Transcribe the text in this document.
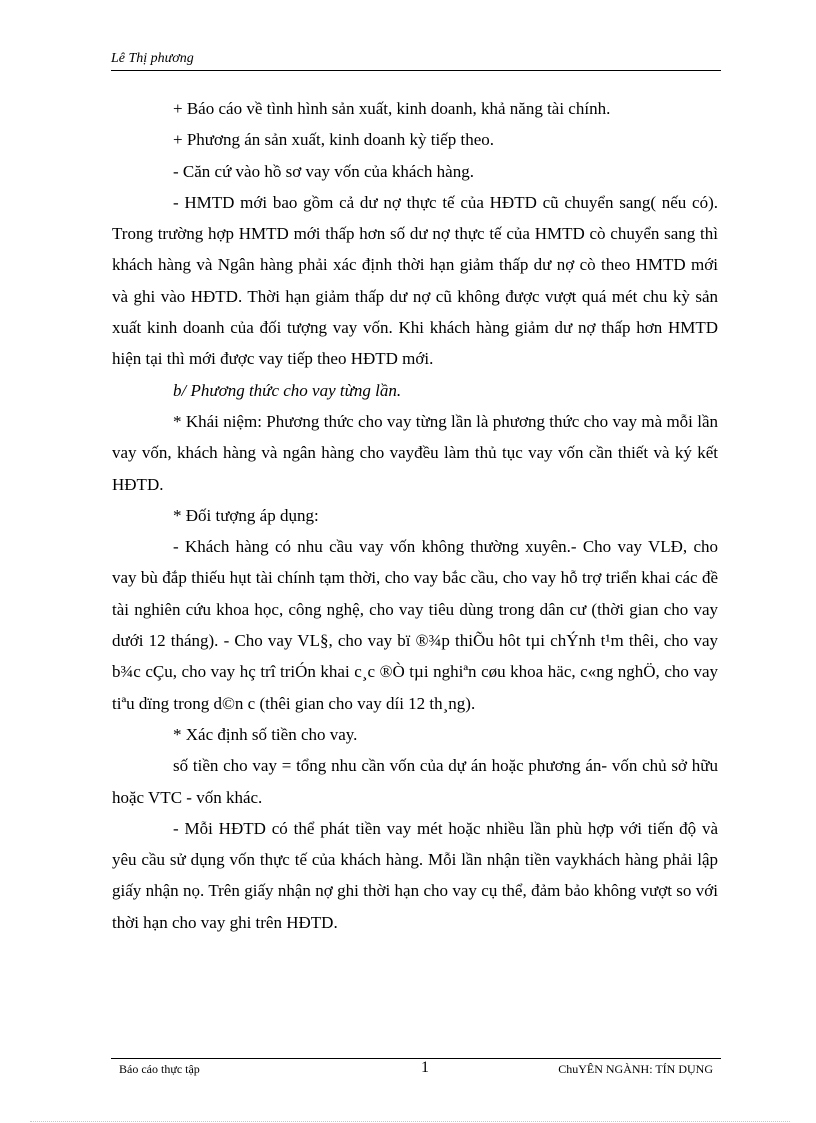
Lê Thị phương

+ Báo cáo về tình hình sản xuất, kinh doanh, khả năng tài chính.

+ Phương án sản xuất, kinh doanh kỳ tiếp theo.

- Căn cứ vào hồ sơ vay vốn của khách hàng.

- HMTD mới bao gồm cả dư nợ thực tế của HĐTD cũ chuyển sang( nếu có). Trong trường hợp HMTD mới thấp hơn số dư nợ thực tế của HMTD cò chuyển sang thì khách hàng và Ngân hàng phải xác định thời hạn giảm thấp dư nợ cò theo HMTD mới và ghi vào HĐTD. Thời hạn giảm thấp dư nợ cũ không được vượt quá mét chu kỳ sản xuất kinh doanh của đối tượng vay vốn. Khi khách hàng giảm dư nợ thấp hơn HMTD hiện tại thì mới được vay tiếp theo HĐTD mới.

b/ Phương thức cho vay từng lần.

* Khái niệm: Phương thức cho vay từng lần là phương thức cho vay mà mỗi lần vay vốn, khách hàng và ngân hàng cho vayđều làm thủ tục vay vốn cần thiết và ký kết HĐTD.

* Đối tượng áp dụng:

- Khách hàng có nhu cầu vay vốn không thường xuyên.- Cho vay VLĐ, cho vay bù đắp thiếu hụt tài chính tạm thời, cho vay bắc cầu, cho vay hỗ trợ triển khai các đề tài nghiên cứu khoa học, công nghệ, cho vay tiêu dùng trong dân cư (thời gian cho vay dưới 12 tháng). - Cho vay VL§, cho vay bï ®¾p thiÕu hôt tµi chÝnh t¹m thêi, cho vay b¾c cÇu, cho vay hç trî triÓn khai c¸c ®Ò tµi nghiªn cøu khoa häc, c«ng nghÖ, cho vay tiªu dïng trong d©n c (thêi gian cho vay díi 12 th¸ng).

* Xác định số tiền cho vay.

số tiền cho vay = tổng nhu cần vốn của dự án hoặc phương án- vốn chủ sở hữu hoặc VTC - vốn khác.

- Mỗi HĐTD có thể phát tiền vay mét hoặc nhiều lần phù hợp với tiến độ và yêu cầu sử dụng vốn thực tế của khách hàng. Mỗi lần nhận tiền vaykhách hàng phải lập giấy nhận nọ. Trên giấy nhận nợ ghi thời hạn cho vay cụ thể, đảm bảo không vượt so với thời hạn cho vay ghi trên HĐTD.

Báo cáo thực tập	1	ChuYÊN NGÀNH: TÍN DỤNG
